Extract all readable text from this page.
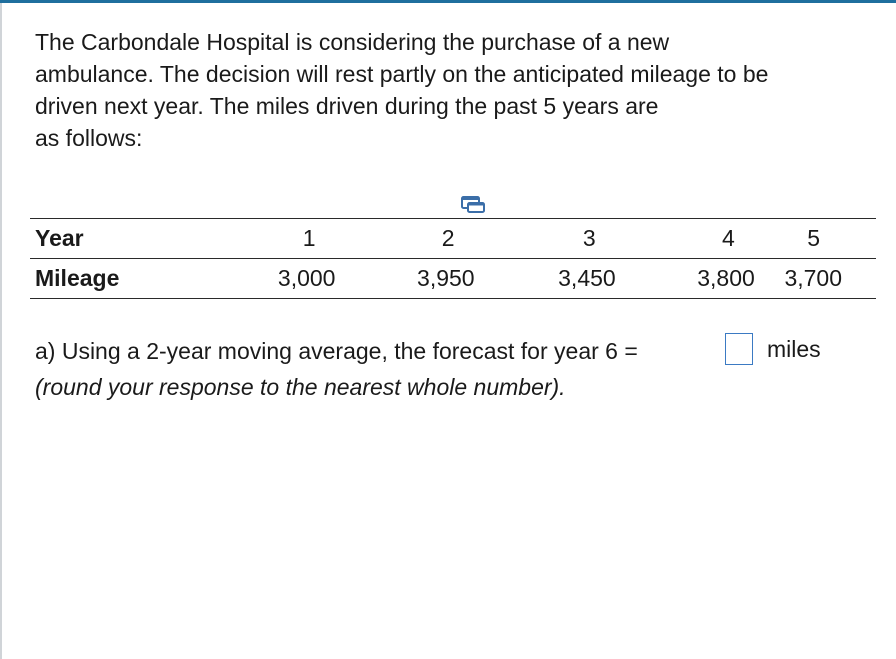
The Carbondale Hospital is considering the purchase of a new
ambulance. The decision will rest partly on the anticipated mileage to be
driven next year. The miles driven during the past 5 years are
as follows:
Year	1	2	3	4	5
Mileage	3,000	3,950	3,450	3,800	3,700
a) Using a 2-year moving average, the forecast for year 6 =	miles
(round your response to the nearest whole number).
